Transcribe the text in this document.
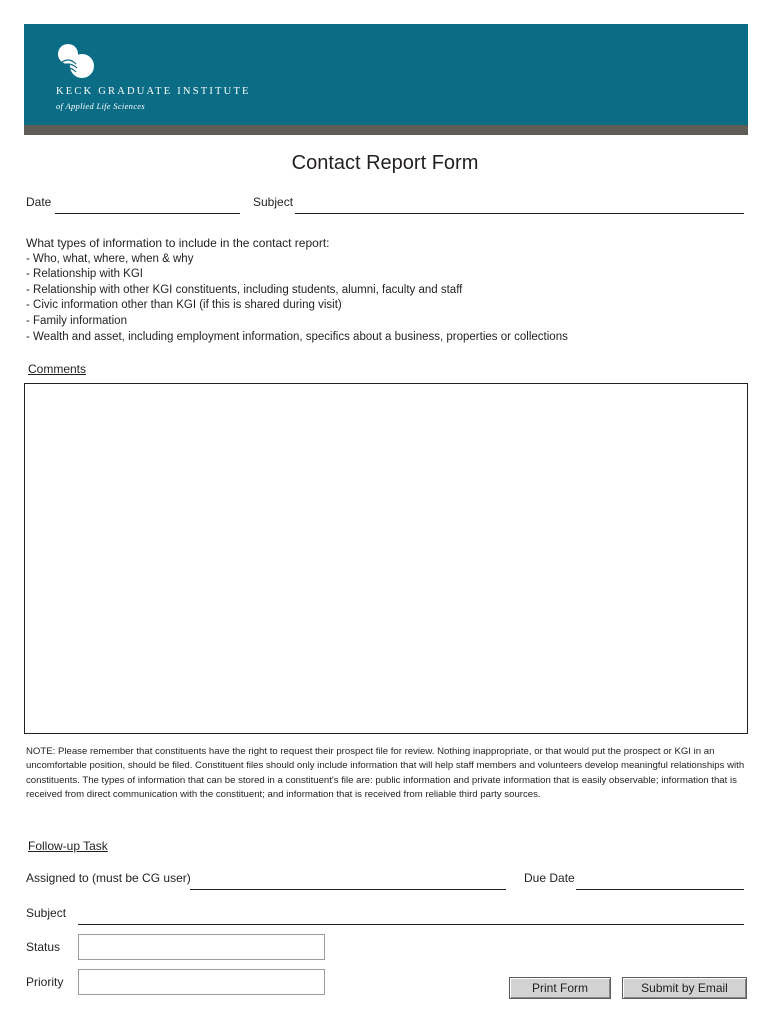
KECK GRADUATE INSTITUTE
of Applied Life Sciences
Contact Report Form
Date	Subject
What types of information to include in the contact report:
- Who, what, where, when & why
- Relationship with KGI
- Relationship with other KGI constituents, including students, alumni, faculty and staff
- Civic information other than KGI (if this is shared during visit)
- Family information
- Wealth and asset, including employment information, specifics about a business, properties or collections
Comments
NOTE: Please remember that constituents have the right to request their prospect file for review. Nothing inappropriate, or that would put the prospect or KGI in an uncomfortable position, should be filed. Constituent files should only include information that will help staff members and volunteers develop meaningful relationships with constituents. The types of information that can be stored in a constituent's file are: public information and private information that is easily observable; information that is received from direct communication with the constituent; and information that is received from reliable third party sources.
Follow-up Task
Assigned to (must be CG user)	Due Date
Subject
Status
Priority	Print Form	Submit by Email
